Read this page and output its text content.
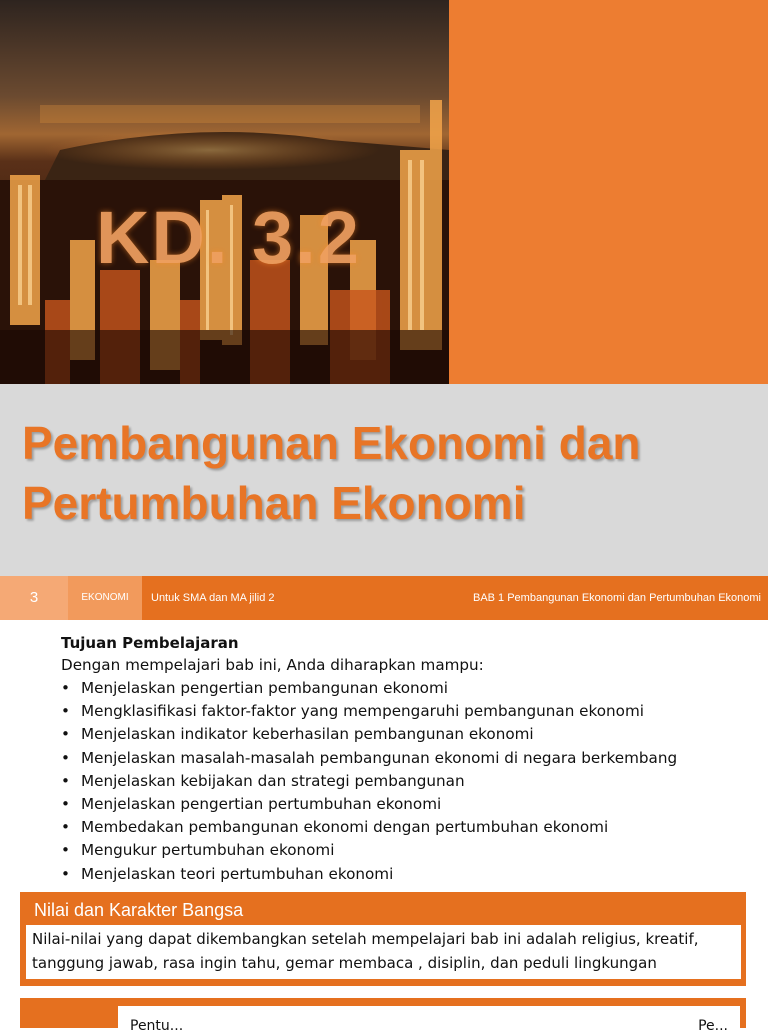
KD. 3.2
Pembangunan Ekonomi dan
Pertumbuhan Ekonomi
3	EKONOMI	Untuk SMA dan MA jilid 2	BAB 1 Pembangunan Ekonomi dan Pertumbuhan Ekonomi

Tujuan Pembelajaran

Dengan mempelajari bab ini, Anda diharapkan mampu:

• Menjelaskan pengertian pembangunan ekonomi
• Mengklasifikasi faktor-faktor yang mempengaruhi pembangunan ekonomi
• Menjelaskan indikator keberhasilan pembangunan ekonomi
• Menjelaskan masalah-masalah pembangunan ekonomi di negara berkembang
• Menjelaskan kebijakan dan strategi pembangunan
• Menjelaskan pengertian pertumbuhan ekonomi
• Membedakan pembangunan ekonomi dengan pertumbuhan ekonomi
• Mengukur pertumbuhan ekonomi
• Menjelaskan teori pertumbuhan ekonomi
Nilai dan Karakter Bangsa
Nilai-nilai yang dapat dikembangkan setelah mempelajari bab ini adalah religius, kreatif, tanggung jawab, rasa ingin tahu, gemar membaca , disiplin, dan peduli lingkungan
Pentu...	Pe...
